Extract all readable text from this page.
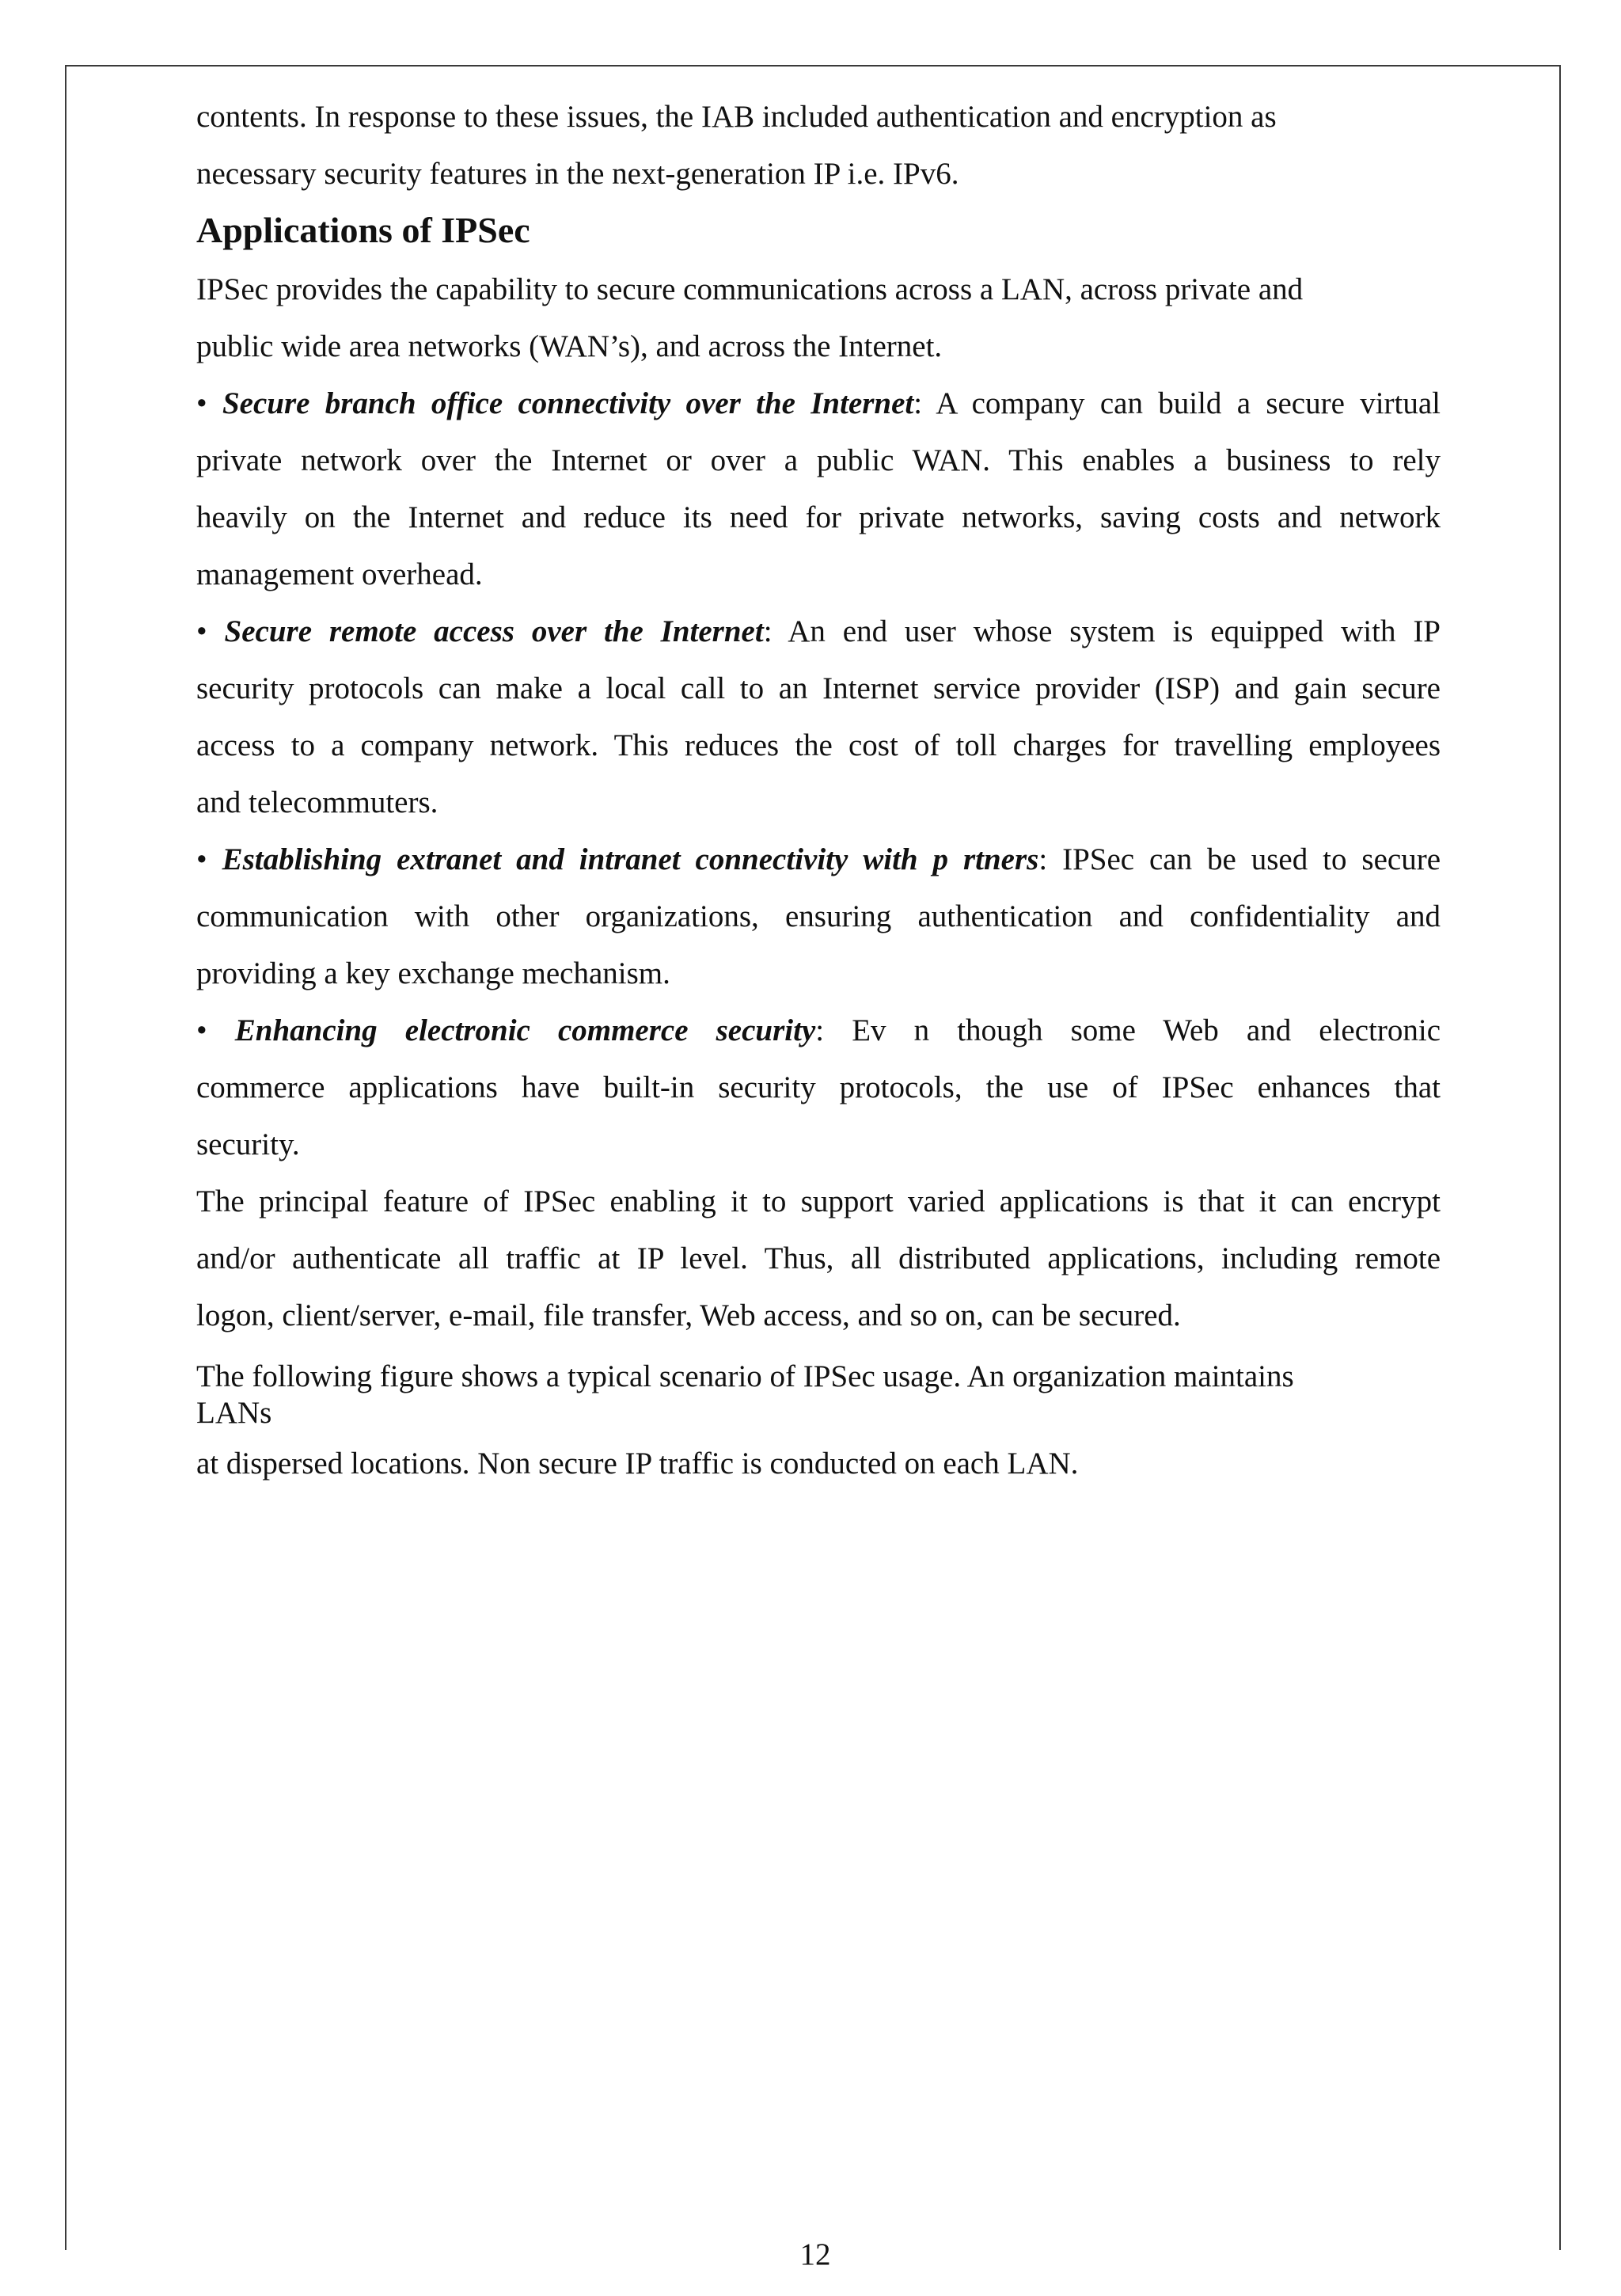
contents. In response to these issues, the IAB included authentication and encryption as
necessary security features in the next-generation IP i.e. IPv6.
Applications of IPSec
IPSec provides the capability to secure communications across a LAN, across private and
public wide area networks (WAN’s), and across the Internet.
• Secure branch office connectivity over the Internet: A company can build a secure virtual
private network over the Internet or over a public WAN. This enables a business to rely
heavily on the Internet and reduce its need for private networks, saving costs and network
management overhead.
• Secure remote access over the Internet: An end user whose system is equipped with IP
security protocols can make a local call to an Internet service provider (ISP) and gain secure
access to a company network. This reduces the cost of toll charges for travelling employees
and telecommuters.
• Establishing extranet and intranet connectivity with p rtners: IPSec can be used to secure
communication with other organizations, ensuring authentication and confidentiality and
providing a key exchange mechanism.
• Enhancing electronic commerce security: Ev n though some Web and electronic
commerce applications have built-in security protocols, the use of IPSec enhances that
security.
The principal feature of IPSec enabling it to support varied applications is that it can encrypt
and/or authenticate all traffic at IP level. Thus, all distributed applications, including remote
logon, client/server, e-mail, file transfer, Web access, and so on, can be secured.
The following figure shows a typical scenario of IPSec usage. An organization maintains
LANs
at dispersed locations. Non secure IP traffic is conducted on each LAN.
12
